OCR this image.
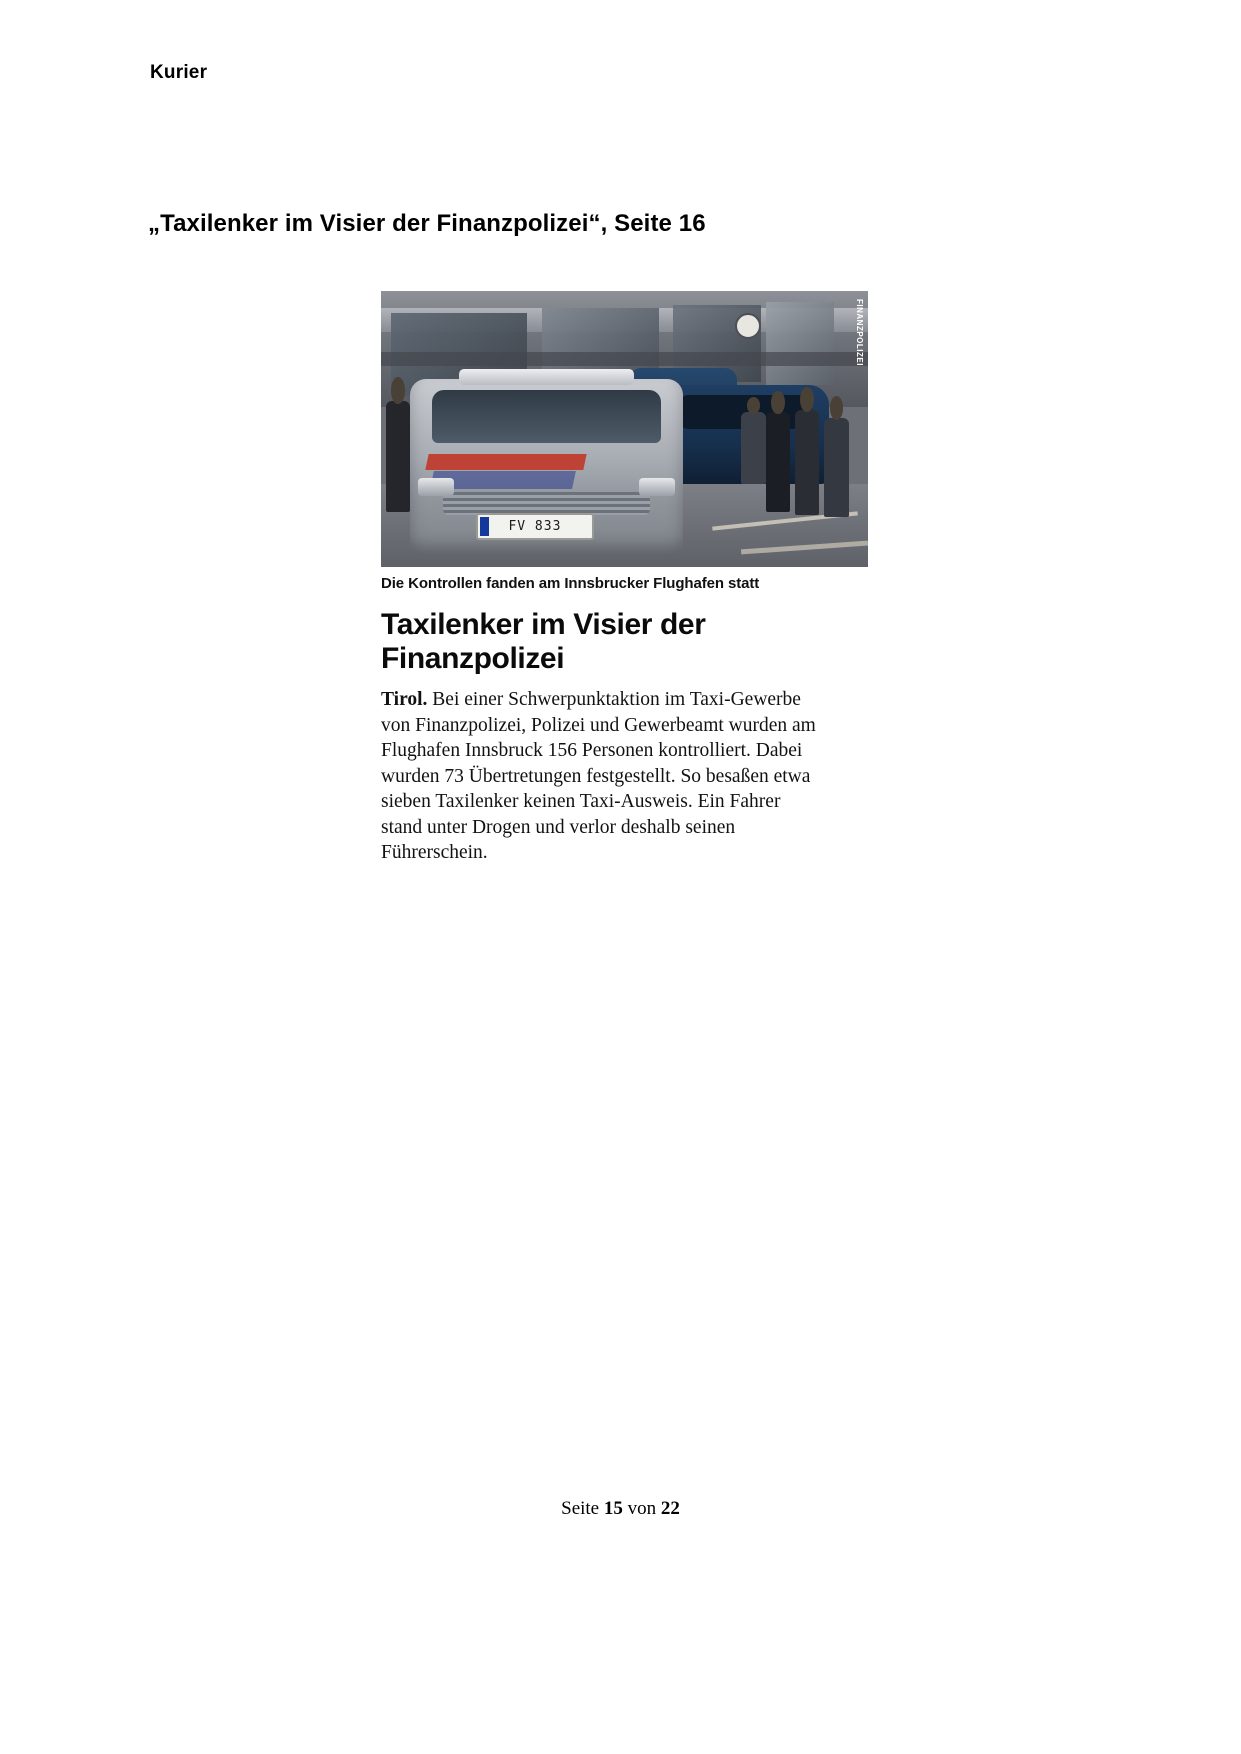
Kurier
„Taxilenker im Visier der Finanzpolizei“, Seite 16
FV 833
FINANZPOLIZEI
Die Kontrollen fanden am Innsbrucker Flughafen statt
Taxilenker im Visier der Finanzpolizei
Tirol. Bei einer Schwerpunktaktion im Taxi-Gewerbe von Finanzpolizei, Polizei und Gewerbeamt wurden am Flughafen Innsbruck 156 Personen kontrolliert. Dabei wurden 73 Übertretungen festgestellt. So besaßen etwa sieben Taxilenker keinen Taxi-Ausweis. Ein Fahrer stand unter Drogen und verlor deshalb seinen Führerschein.
Seite 15 von 22
